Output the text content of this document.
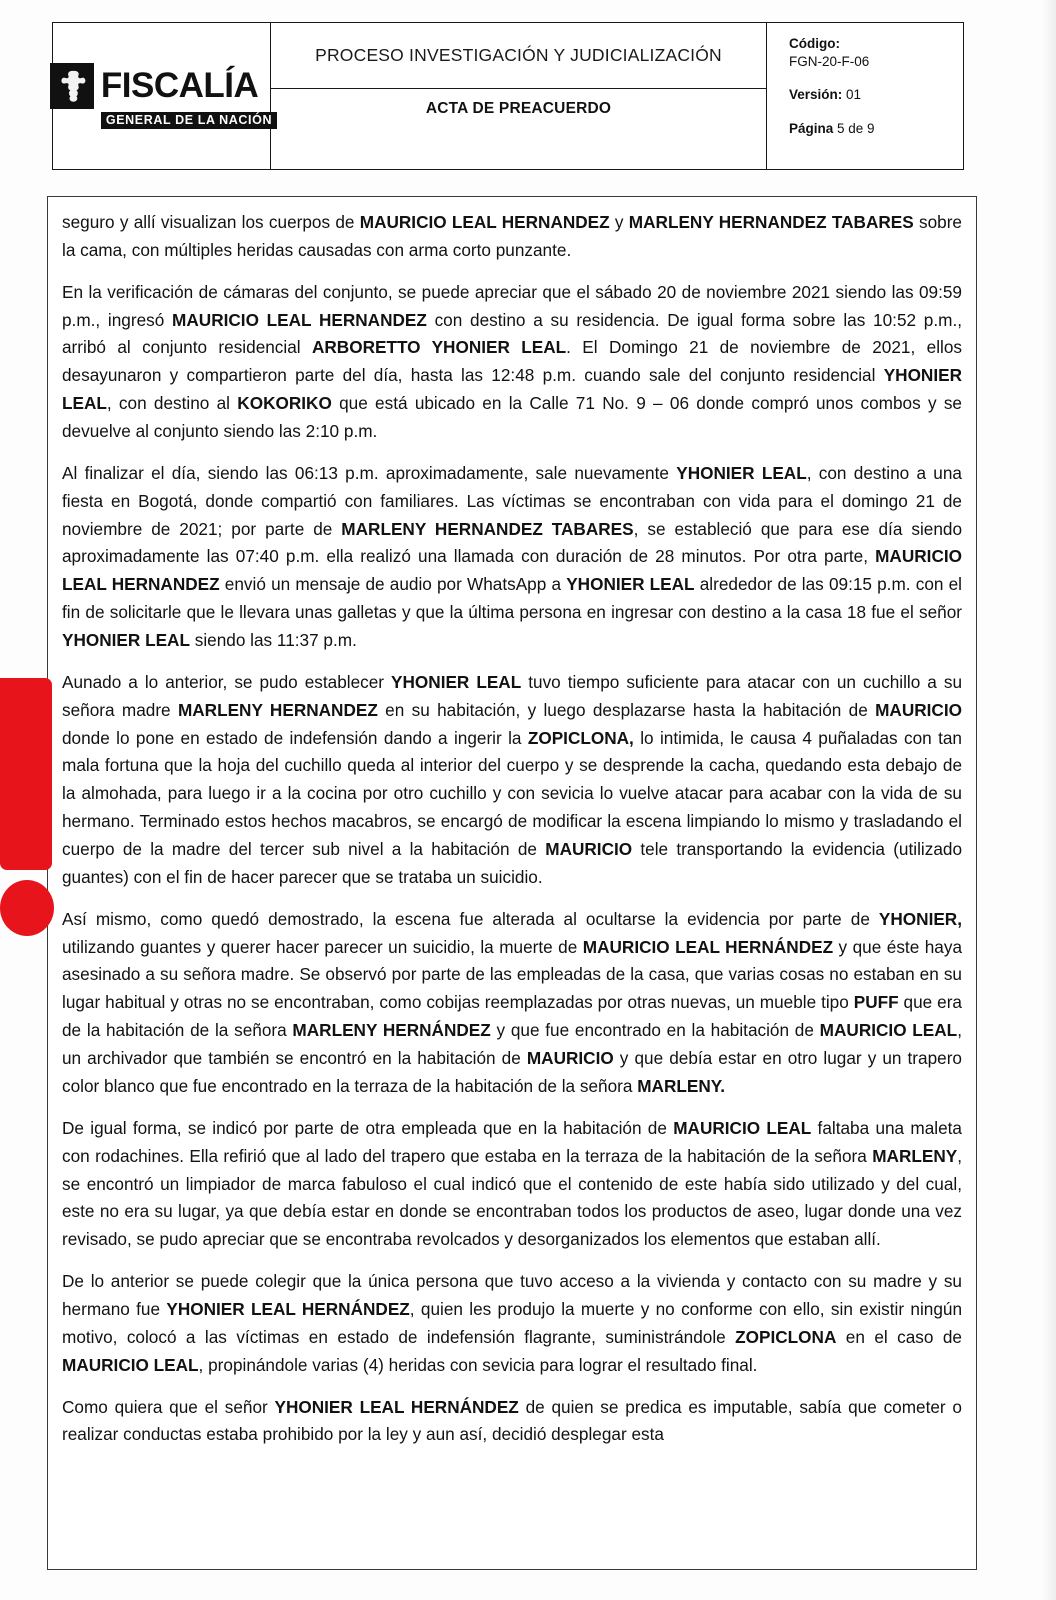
FISCALÍA
GENERAL DE LA NACIÓN
PROCESO INVESTIGACIÓN Y JUDICIALIZACIÓN
ACTA DE PREACUERDO
Código:
FGN-20-F-06
Versión: 01
Página 5 de 9

seguro y allí visualizan los cuerpos de MAURICIO LEAL HERNANDEZ y MARLENY HERNANDEZ TABARES sobre la cama, con múltiples heridas causadas con arma corto punzante.

En la verificación de cámaras del conjunto, se puede apreciar que el sábado 20 de noviembre 2021 siendo las 09:59 p.m., ingresó MAURICIO LEAL HERNANDEZ con destino a su residencia. De igual forma sobre las 10:52 p.m., arribó al conjunto residencial ARBORETTO YHONIER LEAL. El Domingo 21 de noviembre de 2021, ellos desayunaron y compartieron parte del día, hasta las 12:48 p.m. cuando sale del conjunto residencial YHONIER LEAL, con destino al KOKORIKO que está ubicado en la Calle 71 No. 9 – 06 donde compró unos combos y se devuelve al conjunto siendo las 2:10 p.m.

Al finalizar el día, siendo las 06:13 p.m. aproximadamente, sale nuevamente YHONIER LEAL, con destino a una fiesta en Bogotá, donde compartió con familiares. Las víctimas se encontraban con vida para el domingo 21 de noviembre de 2021; por parte de MARLENY HERNANDEZ TABARES, se estableció que para ese día siendo aproximadamente las 07:40 p.m. ella realizó una llamada con duración de 28 minutos. Por otra parte, MAURICIO LEAL HERNANDEZ envió un mensaje de audio por WhatsApp a YHONIER LEAL alrededor de las 09:15 p.m. con el fin de solicitarle que le llevara unas galletas y que la última persona en ingresar con destino a la casa 18 fue el señor YHONIER LEAL siendo las 11:37 p.m.

Aunado a lo anterior, se pudo establecer YHONIER LEAL tuvo tiempo suficiente para atacar con un cuchillo a su señora madre MARLENY HERNANDEZ en su habitación, y luego desplazarse hasta la habitación de MAURICIO donde lo pone en estado de indefensión dando a ingerir la ZOPICLONA, lo intimida, le causa 4 puñaladas con tan mala fortuna que la hoja del cuchillo queda al interior del cuerpo y se desprende la cacha, quedando esta debajo de la almohada, para luego ir a la cocina por otro cuchillo y con sevicia lo vuelve atacar para acabar con la vida de su hermano. Terminado estos hechos macabros, se encargó de modificar la escena limpiando lo mismo y trasladando el cuerpo de la madre del tercer sub nivel a la habitación de MAURICIO tele transportando la evidencia (utilizado guantes) con el fin de hacer parecer que se trataba un suicidio.

Así mismo, como quedó demostrado, la escena fue alterada al ocultarse la evidencia por parte de YHONIER, utilizando guantes y querer hacer parecer un suicidio, la muerte de MAURICIO LEAL HERNÁNDEZ y que éste haya asesinado a su señora madre. Se observó por parte de las empleadas de la casa, que varias cosas no estaban en su lugar habitual y otras no se encontraban, como cobijas reemplazadas por otras nuevas, un mueble tipo PUFF que era de la habitación de la señora MARLENY HERNÁNDEZ y que fue encontrado en la habitación de MAURICIO LEAL, un archivador que también se encontró en la habitación de MAURICIO y que debía estar en otro lugar y un trapero color blanco que fue encontrado en la terraza de la habitación de la señora MARLENY.

De igual forma, se indicó por parte de otra empleada que en la habitación de MAURICIO LEAL faltaba una maleta con rodachines. Ella refirió que al lado del trapero que estaba en la terraza de la habitación de la señora MARLENY, se encontró un limpiador de marca fabuloso el cual indicó que el contenido de este había sido utilizado y del cual, este no era su lugar, ya que debía estar en donde se encontraban todos los productos de aseo, lugar donde una vez revisado, se pudo apreciar que se encontraba revolcados y desorganizados los elementos que estaban allí.

De lo anterior se puede colegir que la única persona que tuvo acceso a la vivienda y contacto con su madre y su hermano fue YHONIER LEAL HERNÁNDEZ, quien les produjo la muerte y no conforme con ello, sin existir ningún motivo, colocó a las víctimas en estado de indefensión flagrante, suministrándole ZOPICLONA en el caso de MAURICIO LEAL, propinándole varias (4) heridas con sevicia para lograr el resultado final.

Como quiera que el señor YHONIER LEAL HERNÁNDEZ de quien se predica es imputable, sabía que cometer o realizar conductas estaba prohibido por la ley y aun así, decidió desplegar esta
